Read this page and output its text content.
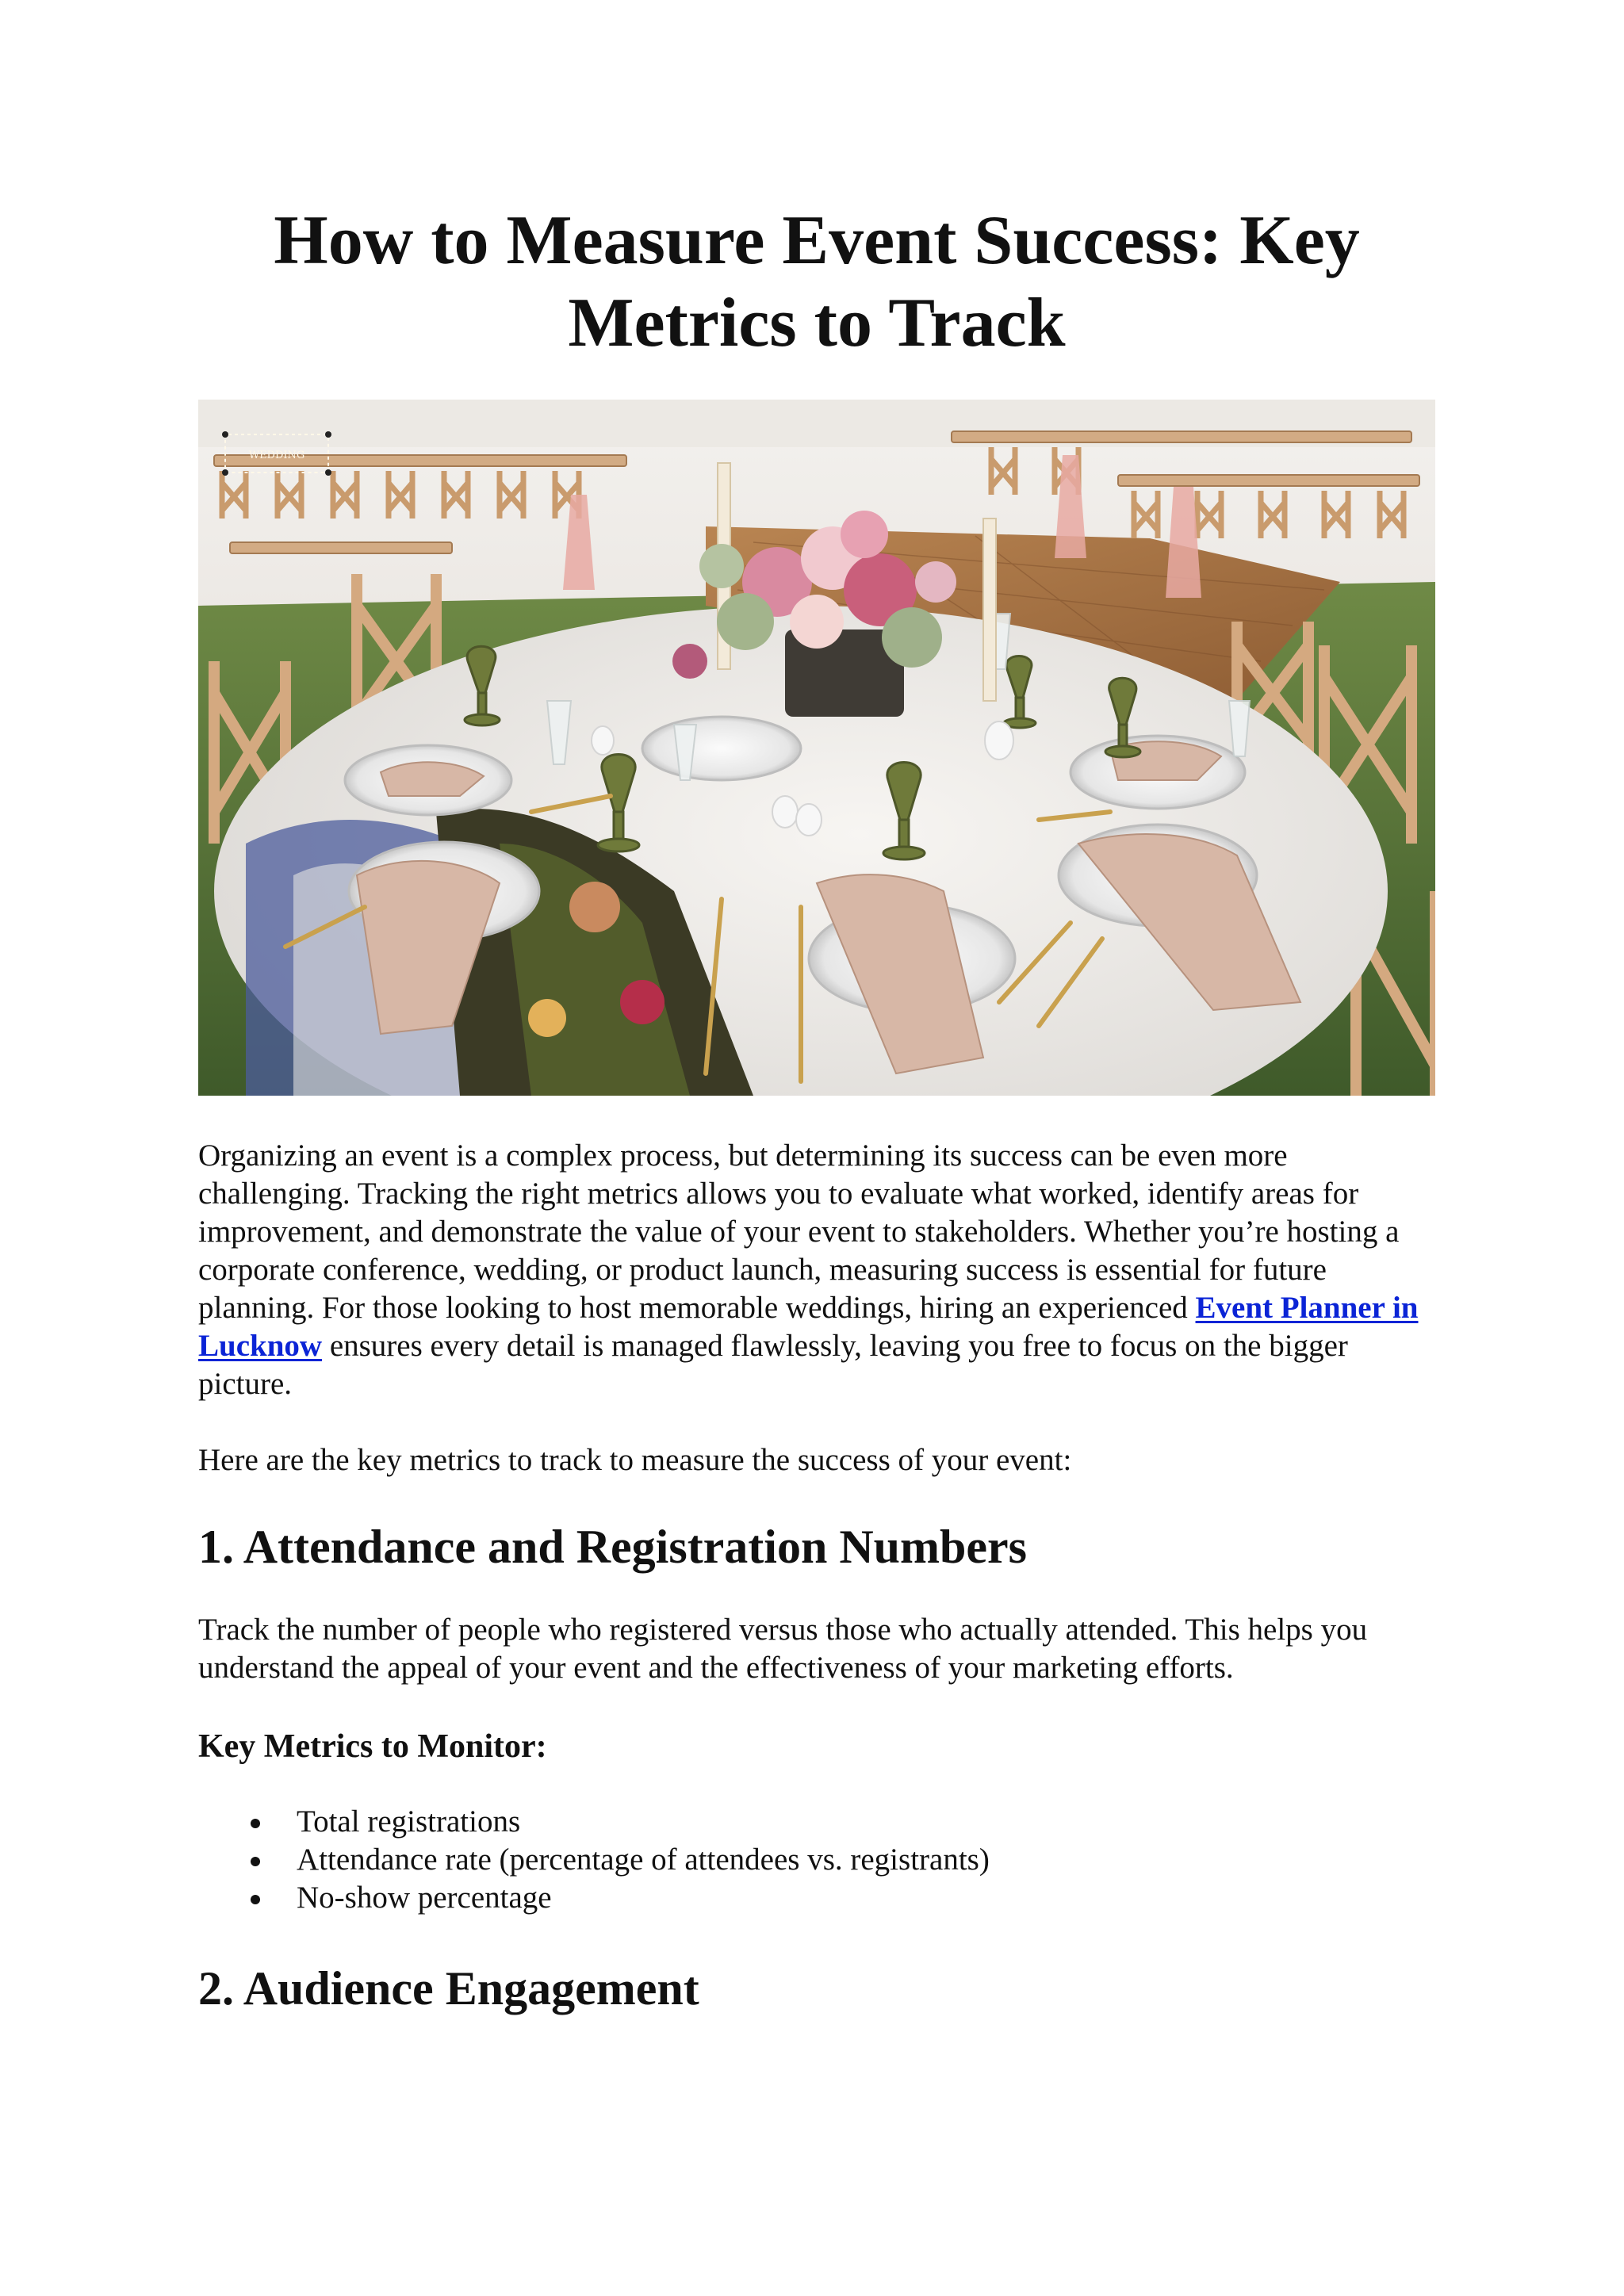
How to Measure Event Success: Key Metrics to Track
WEDDING

Organizing an event is a complex process, but determining its success can be even more challenging. Tracking the right metrics allows you to evaluate what worked, identify areas for improvement, and demonstrate the value of your event to stakeholders. Whether you’re hosting a corporate conference, wedding, or product launch, measuring success is essential for future planning. For those looking to host memorable weddings, hiring an experienced Event Planner in Lucknow ensures every detail is managed flawlessly, leaving you free to focus on the bigger picture.

Here are the key metrics to track to measure the success of your event:

1. Attendance and Registration Numbers

Track the number of people who registered versus those who actually attended. This helps you understand the appeal of your event and the effectiveness of your marketing efforts.

Key Metrics to Monitor:
Total registrations
Attendance rate (percentage of attendees vs. registrants)
No-show percentage
2. Audience Engagement
